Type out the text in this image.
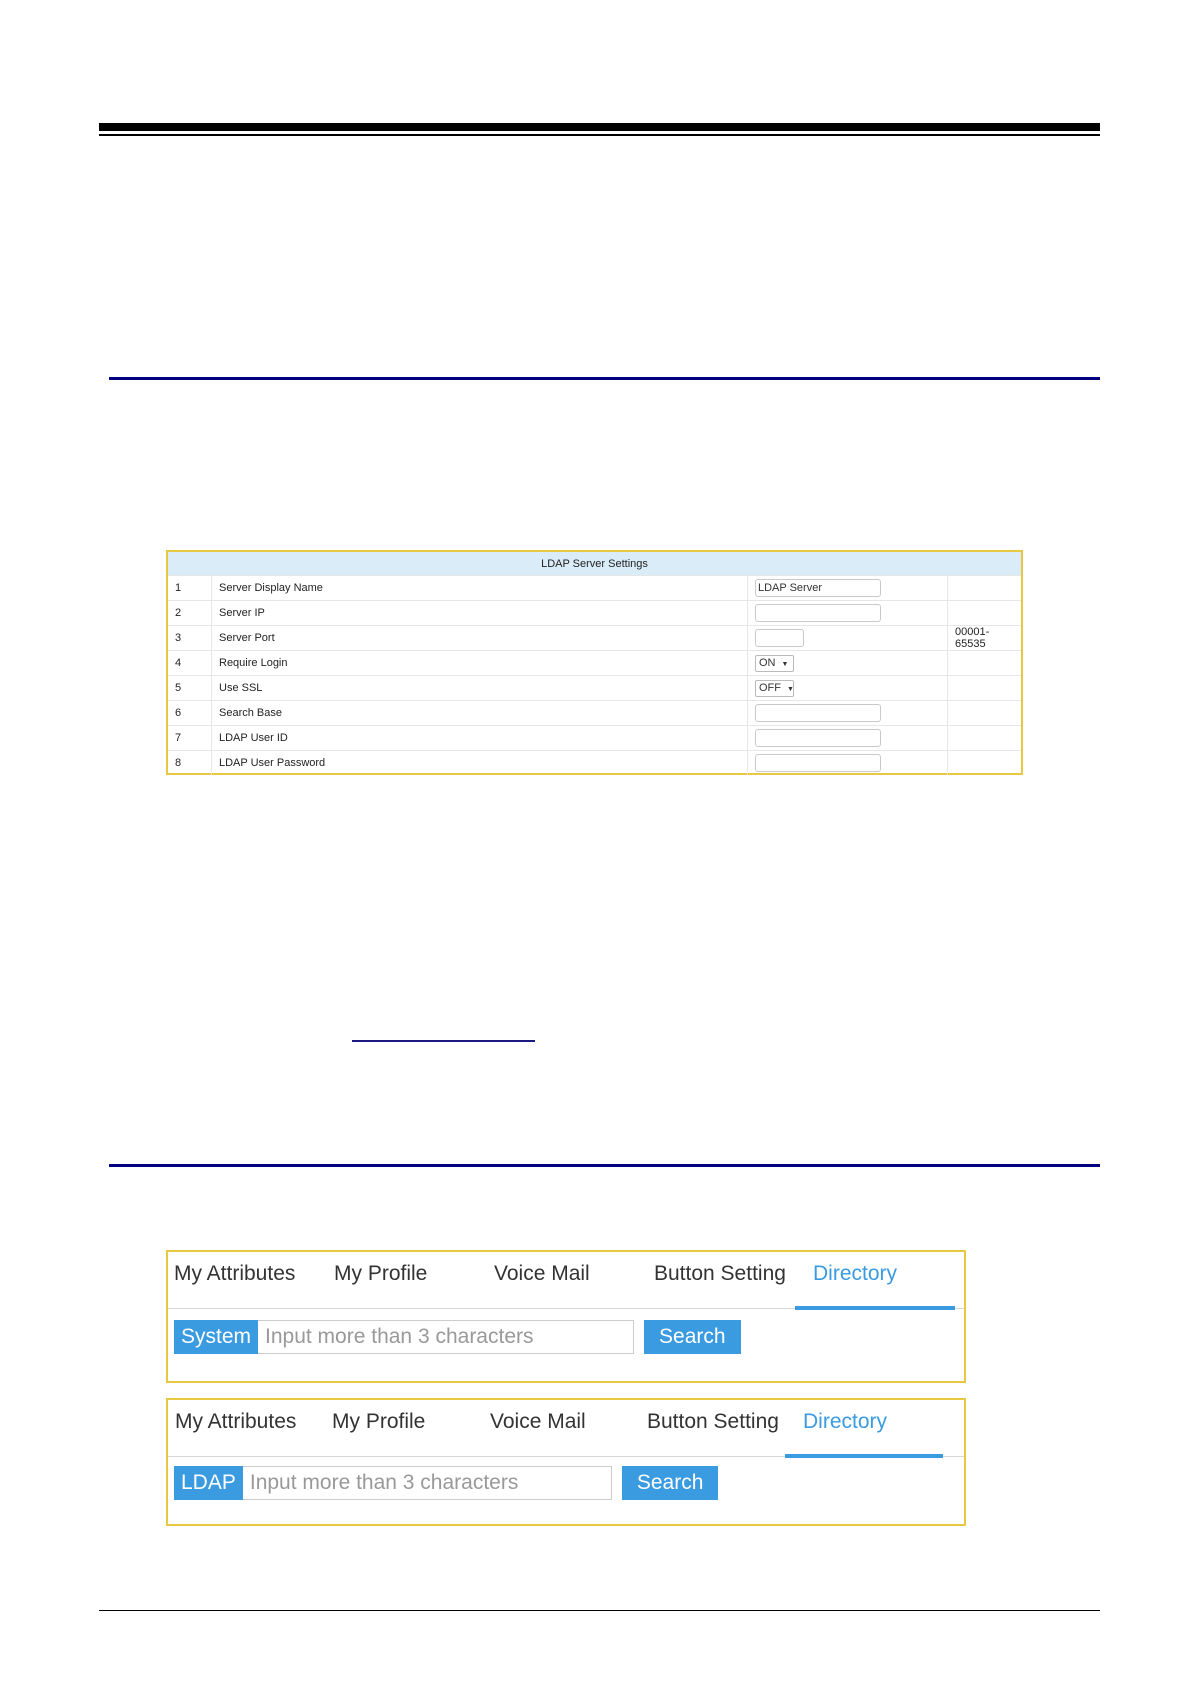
LDAP Server Settings			
1	Server Display Name	LDAP Server	
2	Server IP		
3	Server Port		00001-65535
4	Require Login	ON ▼	
5	Use SSL	OFF ▼	
6	Search Base		
7	LDAP User ID		
8	LDAP User Password		
My Attributes My Profile	Voice Mail	Button Setting Directory
System Input more than 3 characters	Search
My Attributes My Profile	Voice Mail	Button Setting Directory
LDAP Input more than 3 characters	Search
